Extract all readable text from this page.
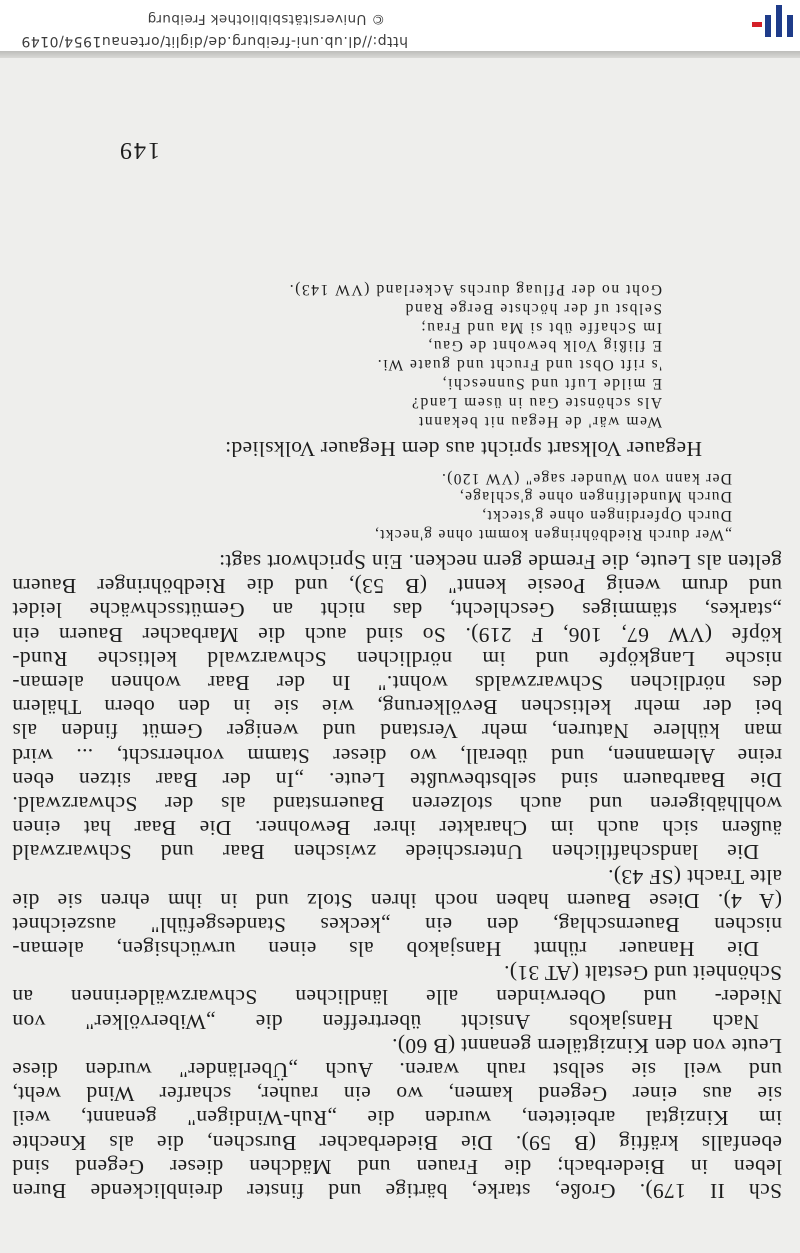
Sch II 179). Große, starke, bärtige und finster dreinblickende Buren
leben in Biederbach; die Frauen und Mädchen dieser Gegend sind
ebenfalls kräftig (B 59). Die Biederbacher Burschen, die als Knechte
im Kinzigtal arbeiteten, wurden die „Ruh-Windigen" genannt, weil
sie aus einer Gegend kamen, wo ein rauher, scharfer Wind weht,
und weil sie selbst rauh waren. Auch „Überländer" wurden diese
Leute von den Kinzigtälern genannt (B 60).
Nach Hansjakobs Ansicht übertreffen die „Wibervölker" von
Nieder- und Oberwinden alle ländlichen Schwarzwälderinnen an
Schönheit und Gestalt (AT 31).
Die Hanauer rühmt Hansjakob als einen urwüchsigen, aleman-
nischen Bauernschlag, den ein „keckes Standesgefühl" auszeichnet
(A 4). Diese Bauern haben noch ihren Stolz und in ihm ehren sie die
alte Tracht (SF 43).
Die landschaftlichen Unterschiede zwischen Baar und Schwarzwald
äußern sich auch im Charakter ihrer Bewohner. Die Baar hat einen
wohlhäbigeren und auch stolzeren Bauernstand als der Schwarzwald.
Die Baarbauern sind selbstbewußte Leute. „In der Baar sitzen eben
reine Alemannen, und überall, wo dieser Stamm vorherrscht, ... wird
man kühlere Naturen, mehr Verstand und weniger Gemüt finden als
bei der mehr keltischen Bevölkerung, wie sie in den obern Thälern
des nördlichen Schwarzwalds wohnt." In der Baar wohnen aleman-
nische Langköpfe und im nördlichen Schwarzwald keltische Rund-
köpfe (VW 67, 106, F 219). So sind auch die Marbacher Bauern ein
„starkes, stämmiges Geschlecht, das nicht an Gemütsschwäche leidet
und drum wenig Poesie kennt" (B 53), und die Riedböhringer Bauern
gelten als Leute, die Fremde gern necken. Ein Sprichwort sagt:
„Wer durch Riedböhringen kommt ohne g'neckt,
Durch Opferdingen ohne g'steckt,
Durch Mundelfingen ohne g'schlage,
Der kann von Wunder sage" (VW 120).
Hegauer Volksart spricht aus dem Hegauer Volkslied:
Wem wär' de Hegau nit bekannt
Als schönste Gau in üsem Land?
E milde Luft und Sunneschi,
's rift Obst und Frucht und guate Wi.
E flißig Volk bewohnt de Gau,
Im Schaffe übt si Ma und Frau;
Selbst uf der höchste Berge Rand
Goht no der Pfluag durchs Ackerland (VW 143).
149
http://dl.ub.uni-freiburg.de/diglit/ortenau1954/0149
© Universitätsbibliothek Freiburg
